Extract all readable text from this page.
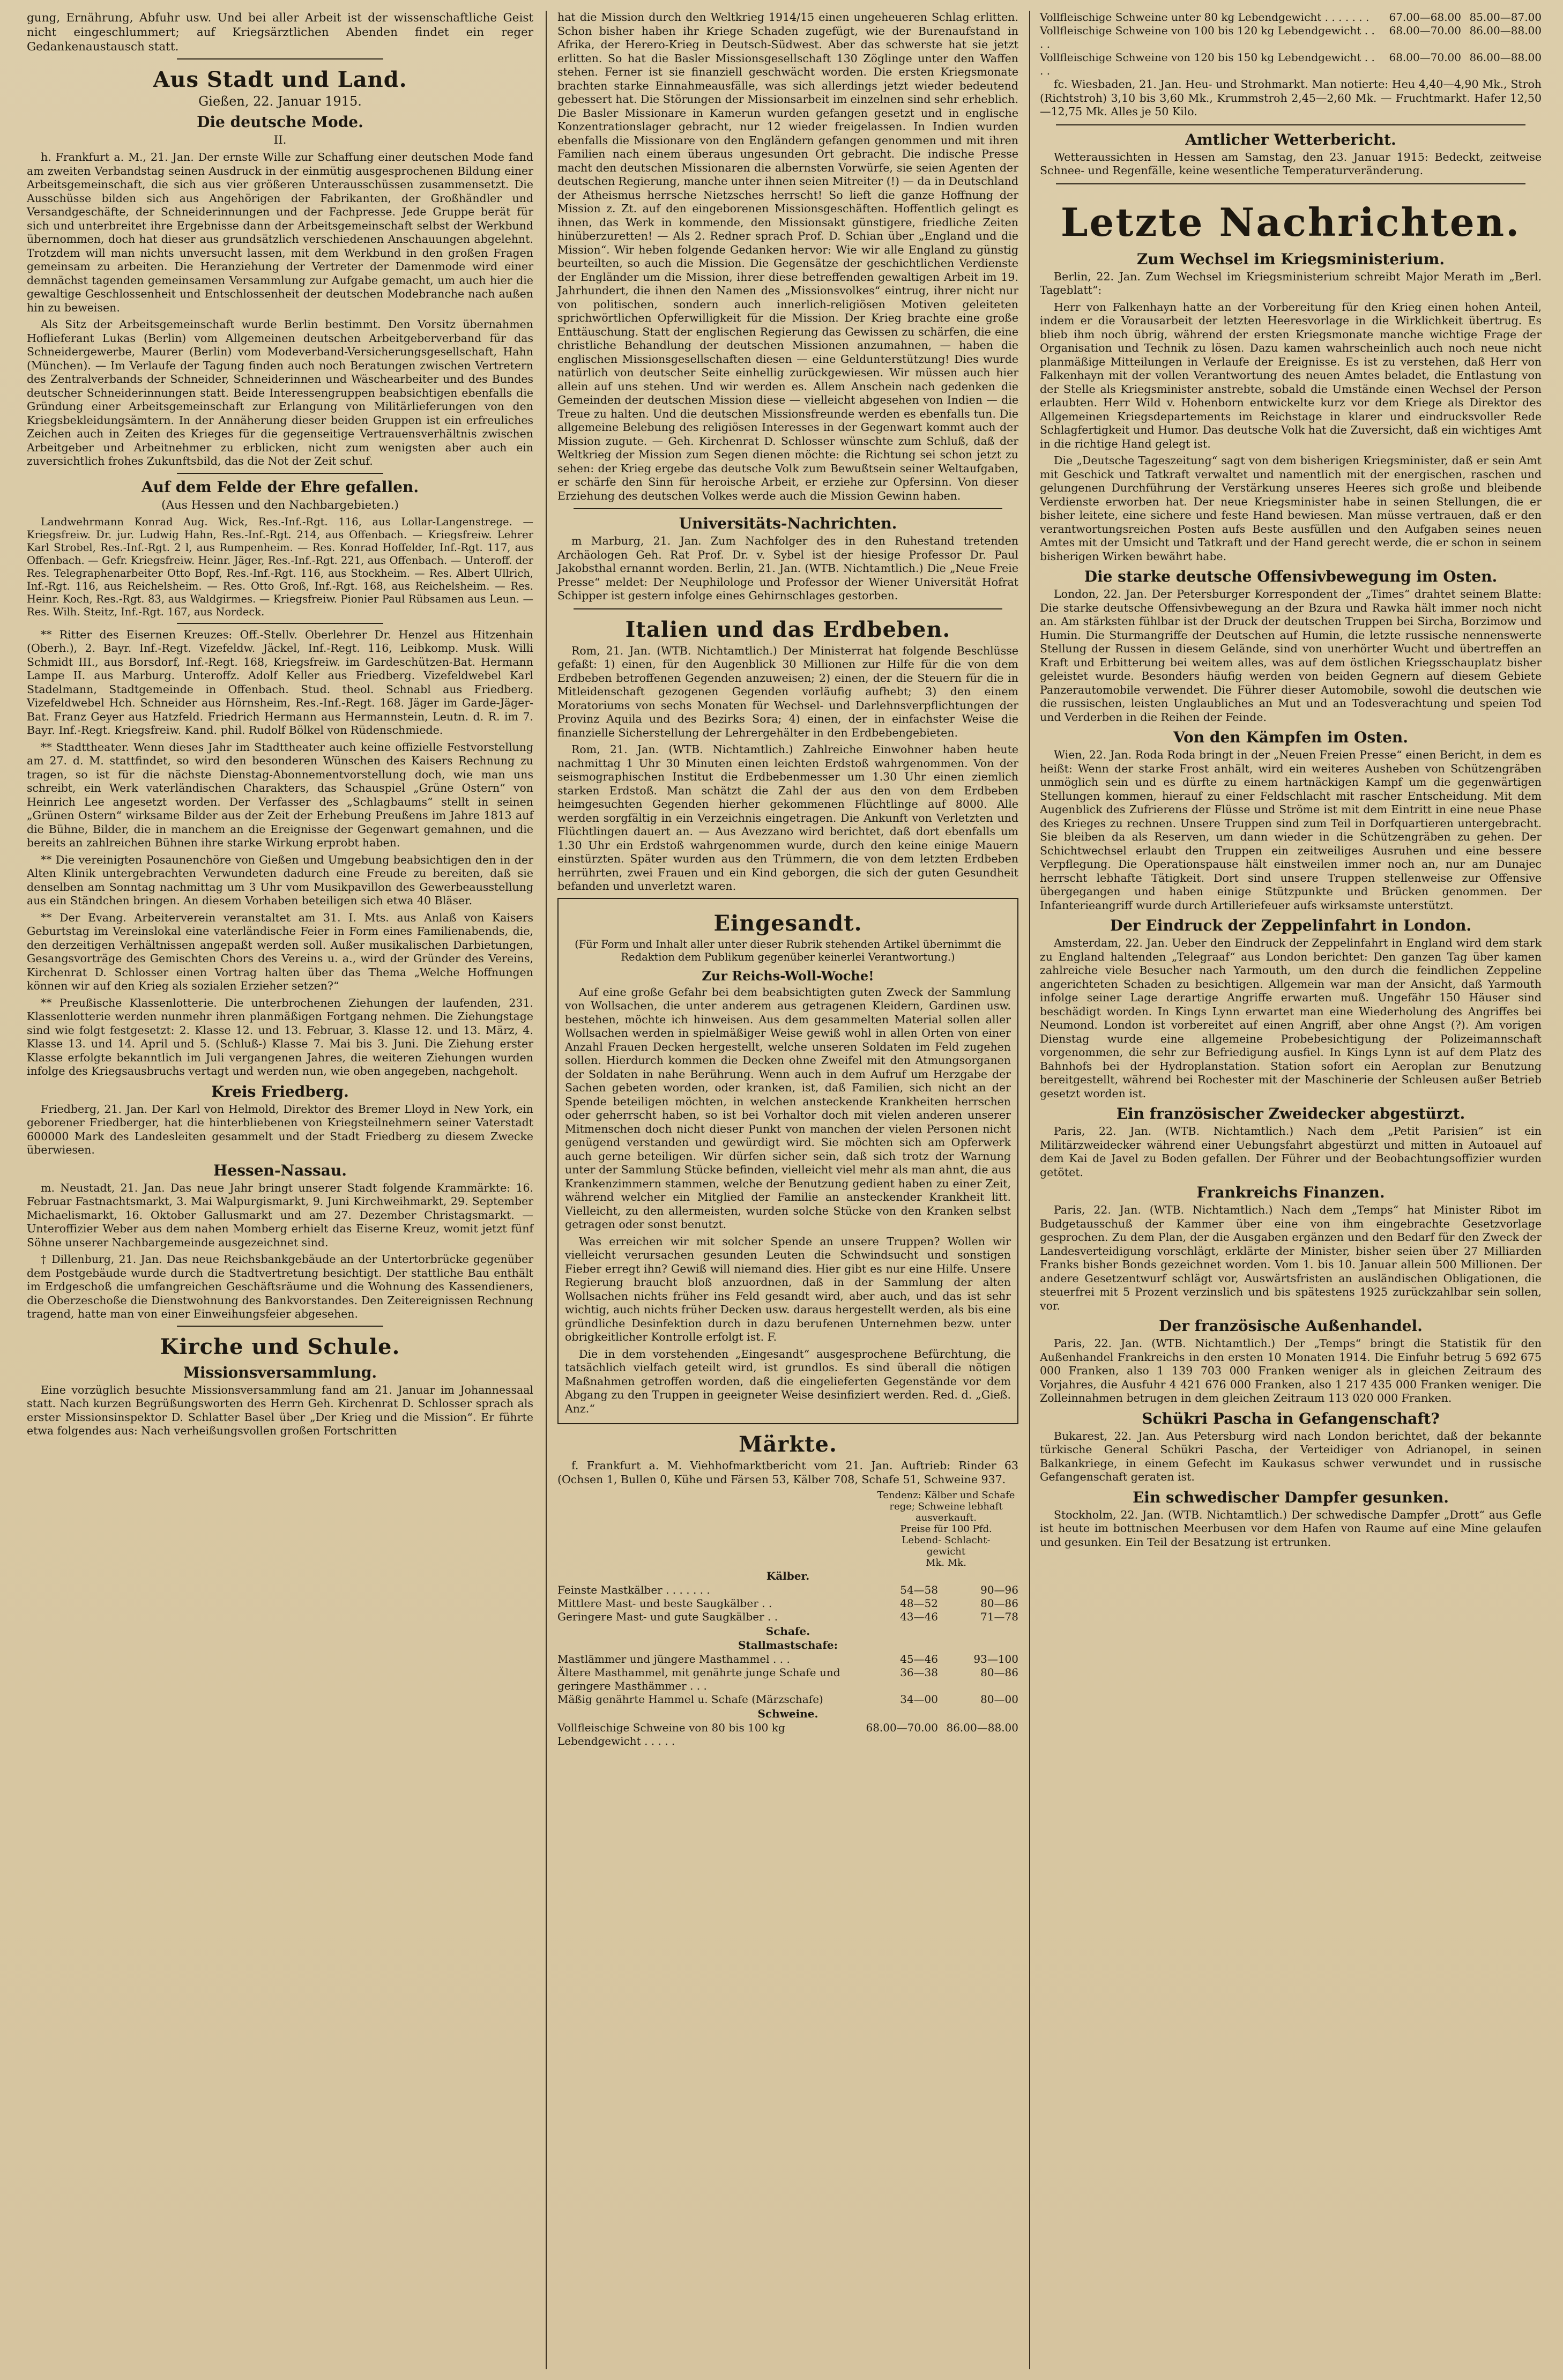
gung, Ernährung, Abfuhr usw. Und bei aller Arbeit ist der wissenschaftliche Geist nicht eingeschlummert; auf Kriegsärztlichen Abenden findet ein reger Gedankenaustausch statt.

Aus Stadt und Land.

Gießen, 22. Januar 1915.

Die deutsche Mode.

II.

h. Frankfurt a. M., 21. Jan. Der ernste Wille zur Schaffung einer deutschen Mode fand am zweiten Verbandstag seinen Ausdruck in der einmütig ausgesprochenen Bildung einer Arbeitsgemeinschaft, die sich aus vier größeren Unterausschüssen zusammensetzt. Die Ausschüsse bilden sich aus Angehörigen der Fabrikanten, der Großhändler und Versandgeschäfte, der Schneiderinnungen und der Fachpresse. Jede Gruppe berät für sich und unterbreitet ihre Ergebnisse dann der Arbeitsgemeinschaft selbst der Werkbund übernommen, doch hat dieser aus grundsätzlich verschiedenen Anschauungen abgelehnt. Trotzdem will man nichts unversucht lassen, mit dem Werkbund in den großen Fragen gemeinsam zu arbeiten. Die Heranziehung der Vertreter der Damenmode wird einer demnächst tagenden gemeinsamen Versammlung zur Aufgabe gemacht, um auch hier die gewaltige Geschlossenheit und Entschlossenheit der deutschen Modebranche nach außen hin zu beweisen.

Als Sitz der Arbeitsgemeinschaft wurde Berlin bestimmt. Den Vorsitz übernahmen Hoflieferant Lukas (Berlin) vom Allgemeinen deutschen Arbeitgeberverband für das Schneidergewerbe, Maurer (Berlin) vom Modeverband-Versicherungsgesellschaft, Hahn (München). — Im Verlaufe der Tagung finden auch noch Beratungen zwischen Vertretern des Zentralverbands der Schneider, Schneiderinnen und Wäschearbeiter und des Bundes deutscher Schneiderinnungen statt. Beide Interessengruppen beabsichtigen ebenfalls die Gründung einer Arbeitsgemeinschaft zur Erlangung von Militärlieferungen von den Kriegsbekleidungsämtern. In der Annäherung dieser beiden Gruppen ist ein erfreuliches Zeichen auch in Zeiten des Krieges für die gegenseitige Vertrauensverhältnis zwischen Arbeitgeber und Arbeitnehmer zu erblicken, nicht zum wenigsten aber auch ein zuversichtlich frohes Zukunftsbild, das die Not der Zeit schuf.

Auf dem Felde der Ehre gefallen.

(Aus Hessen und den Nachbargebieten.)

Landwehrmann Konrad Aug. Wick, Res.-Inf.-Rgt. 116, aus Lollar-Langenstrege. — Kriegsfreiw. Dr. jur. Ludwig Hahn, Res.-Inf.-Rgt. 214, aus Offenbach. — Kriegsfreiw. Lehrer Karl Strobel, Res.-Inf.-Rgt. 2 l, aus Rumpenheim. — Res. Konrad Hoffelder, Inf.-Rgt. 117, aus Offenbach. — Gefr. Kriegsfreiw. Heinr. Jäger, Res.-Inf.-Rgt. 221, aus Offenbach. — Unteroff. der Res. Telegraphenarbeiter Otto Bopf, Res.-Inf.-Rgt. 116, aus Stockheim. — Res. Albert Ullrich, Inf.-Rgt. 116, aus Reichelsheim. — Res. Otto Groß, Inf.-Rgt. 168, aus Reichelsheim. — Res. Heinr. Koch, Res.-Rgt. 83, aus Waldgirmes. — Kriegsfreiw. Pionier Paul Rübsamen aus Leun. — Res. Wilh. Steitz, Inf.-Rgt. 167, aus Nordeck.

** Ritter des Eisernen Kreuzes: Off.-Stellv. Oberlehrer Dr. Henzel aus Hitzenhain (Oberh.), 2. Bayr. Inf.-Regt. Vizefeldw. Jäckel, Inf.-Regt. 116, Leibkomp. Musk. Willi Schmidt III., aus Borsdorf, Inf.-Regt. 168, Kriegsfreiw. im Gardeschützen-Bat. Hermann Lampe II. aus Marburg. Unteroffz. Adolf Keller aus Friedberg. Vizefeldwebel Karl Stadelmann, Stadtgemeinde in Offenbach. Stud. theol. Schnabl aus Friedberg. Vizefeldwebel Hch. Schneider aus Hörnsheim, Res.-Inf.-Regt. 168. Jäger im Garde-Jäger-Bat. Franz Geyer aus Hatzfeld. Friedrich Hermann aus Hermannstein, Leutn. d. R. im 7. Bayr. Inf.-Regt. Kriegsfreiw. Kand. phil. Rudolf Bölkel von Rüdenschmiede.

** Stadttheater. Wenn dieses Jahr im Stadttheater auch keine offizielle Festvorstellung am 27. d. M. stattfindet, so wird den besonderen Wünschen des Kaisers Rechnung zu tragen, so ist für die nächste Dienstag-Abonnementvorstellung doch, wie man uns schreibt, ein Werk vaterländischen Charakters, das Schauspiel „Grüne Ostern“ von Heinrich Lee angesetzt worden. Der Verfasser des „Schlagbaums“ stellt in seinen „Grünen Ostern“ wirksame Bilder aus der Zeit der Erhebung Preußens im Jahre 1813 auf die Bühne, Bilder, die in manchem an die Ereignisse der Gegenwart gemahnen, und die bereits an zahlreichen Bühnen ihre starke Wirkung erprobt haben.

** Die vereinigten Posaunenchöre von Gießen und Umgebung beabsichtigen den in der Alten Klinik untergebrachten Verwundeten dadurch eine Freude zu bereiten, daß sie denselben am Sonntag nachmittag um 3 Uhr vom Musikpavillon des Gewerbeausstellung aus ein Ständchen bringen. An diesem Vorhaben beteiligen sich etwa 40 Bläser.

** Der Evang. Arbeiterverein veranstaltet am 31. I. Mts. aus Anlaß von Kaisers Geburtstag im Vereinslokal eine vaterländische Feier in Form eines Familienabends, die, den derzeitigen Verhältnissen angepaßt werden soll. Außer musikalischen Darbietungen, Gesangsvorträge des Gemischten Chors des Vereins u. a., wird der Gründer des Vereins, Kirchenrat D. Schlosser einen Vortrag halten über das Thema „Welche Hoffnungen können wir auf den Krieg als sozialen Erzieher setzen?“

** Preußische Klassenlotterie. Die unterbrochenen Ziehungen der laufenden, 231. Klassenlotterie werden nunmehr ihren planmäßigen Fortgang nehmen. Die Ziehungstage sind wie folgt festgesetzt: 2. Klasse 12. und 13. Februar, 3. Klasse 12. und 13. März, 4. Klasse 13. und 14. April und 5. (Schluß-) Klasse 7. Mai bis 3. Juni. Die Ziehung erster Klasse erfolgte bekanntlich im Juli vergangenen Jahres, die weiteren Ziehungen wurden infolge des Kriegsausbruchs vertagt und werden nun, wie oben angegeben, nachgeholt.

Kreis Friedberg.

Friedberg, 21. Jan. Der Karl von Helmold, Direktor des Bremer Lloyd in New York, ein geborener Friedberger, hat die hinterbliebenen von Kriegsteilnehmern seiner Vaterstadt 600000 Mark des Landesleiten gesammelt und der Stadt Friedberg zu diesem Zwecke überwiesen.

Hessen-Nassau.

m. Neustadt, 21. Jan. Das neue Jahr bringt unserer Stadt folgende Krammärkte: 16. Februar Fastnachtsmarkt, 3. Mai Walpurgismarkt, 9. Juni Kirchweihmarkt, 29. September Michaelismarkt, 16. Oktober Gallusmarkt und am 27. Dezember Christagsmarkt. — Unteroffizier Weber aus dem nahen Momberg erhielt das Eiserne Kreuz, womit jetzt fünf Söhne unserer Nachbargemeinde ausgezeichnet sind.

† Dillenburg, 21. Jan. Das neue Reichsbankgebäude an der Untertorbrücke gegenüber dem Postgebäude wurde durch die Stadtvertretung besichtigt. Der stattliche Bau enthält im Erdgeschoß die umfangreichen Geschäftsräume und die Wohnung des Kassendieners, die Oberzeschoße die Dienstwohnung des Bankvorstandes. Den Zeitereignissen Rechnung tragend, hatte man von einer Einweihungsfeier abgesehen.

Kirche und Schule.
Missionsversammlung.

Eine vorzüglich besuchte Missionsversammlung fand am 21. Januar im Johannessaal statt. Nach kurzen Begrüßungsworten des Herrn Geh. Kirchenrat D. Schlosser sprach als erster Missionsinspektor D. Schlatter Basel über „Der Krieg und die Mission“. Er führte etwa folgendes aus: Nach verheißungsvollen großen Fortschritten

hat die Mission durch den Weltkrieg 1914/15 einen ungeheueren Schlag erlitten. Schon bisher haben ihr Kriege Schaden zugefügt, wie der Burenaufstand in Afrika, der Herero-Krieg in Deutsch-Südwest. Aber das schwerste hat sie jetzt erlitten. So hat die Basler Missionsgesellschaft 130 Zöglinge unter den Waffen stehen. Ferner ist sie finanziell geschwächt worden. Die ersten Kriegsmonate brachten starke Einnahmeausfälle, was sich allerdings jetzt wieder bedeutend gebessert hat. Die Störungen der Missionsarbeit im einzelnen sind sehr erheblich. Die Basler Missionare in Kamerun wurden gefangen gesetzt und in englische Konzentrationslager gebracht, nur 12 wieder freigelassen. In Indien wurden ebenfalls die Missionare von den Engländern gefangen genommen und mit ihren Familien nach einem überaus ungesunden Ort gebracht. Die indische Presse macht den deutschen Missionaren die albernsten Vorwürfe, sie seien Agenten der deutschen Regierung, manche unter ihnen seien Mitreiter (!) — da in Deutschland der Atheismus herrsche Nietzsches herrscht! So lieft die ganze Hoffnung der Mission z. Zt. auf den eingeborenen Missionsgeschäften. Hoffentlich gelingt es ihnen, das Werk in kommende, den Missionsakt günstigere, friedliche Zeiten hinüberzuretten! — Als 2. Redner sprach Prof. D. Schian über „England und die Mission“. Wir heben folgende Gedanken hervor: Wie wir alle England zu günstig beurteilten, so auch die Mission. Die Gegensätze der geschichtlichen Verdienste der Engländer um die Mission, ihrer diese betreffenden gewaltigen Arbeit im 19. Jahrhundert, die ihnen den Namen des „Missionsvolkes“ eintrug, ihrer nicht nur von politischen, sondern auch innerlich-religiösen Motiven geleiteten sprichwörtlichen Opferwilligkeit für die Mission. Der Krieg brachte eine große Enttäuschung. Statt der englischen Regierung das Gewissen zu schärfen, die eine christliche Behandlung der deutschen Missionen anzumahnen, — haben die englischen Missionsgesellschaften diesen — eine Geldunterstützung! Dies wurde natürlich von deutscher Seite einhellig zurückgewiesen. Wir müssen auch hier allein auf uns stehen. Und wir werden es. Allem Anschein nach gedenken die Gemeinden der deutschen Mission diese — vielleicht abgesehen von Indien — die Treue zu halten. Und die deutschen Missionsfreunde werden es ebenfalls tun. Die allgemeine Belebung des religiösen Interesses in der Gegenwart kommt auch der Mission zugute. — Geh. Kirchenrat D. Schlosser wünschte zum Schluß, daß der Weltkrieg der Mission zum Segen dienen möchte: die Richtung sei schon jetzt zu sehen: der Krieg ergebe das deutsche Volk zum Bewußtsein seiner Weltaufgaben, er schärfe den Sinn für heroische Arbeit, er erziehe zur Opfersinn. Von dieser Erziehung des deutschen Volkes werde auch die Mission Gewinn haben.

Universitäts-Nachrichten.

m Marburg, 21. Jan. Zum Nachfolger des in den Ruhestand tretenden Archäologen Geh. Rat Prof. Dr. v. Sybel ist der hiesige Professor Dr. Paul Jakobsthal ernannt worden. Berlin, 21. Jan. (WTB. Nichtamtlich.) Die „Neue Freie Presse“ meldet: Der Neuphilologe und Professor der Wiener Universität Hofrat Schipper ist gestern infolge eines Gehirnschlages gestorben.

Italien und das Erdbeben.

Rom, 21. Jan. (WTB. Nichtamtlich.) Der Ministerrat hat folgende Beschlüsse gefaßt: 1) einen, für den Augenblick 30 Millionen zur Hilfe für die von dem Erdbeben betroffenen Gegenden anzuweisen; 2) einen, der die Steuern für die in Mitleidenschaft gezogenen Gegenden vorläufig aufhebt; 3) den einem Moratoriums von sechs Monaten für Wechsel- und Darlehnsverpflichtungen der Provinz Aquila und des Bezirks Sora; 4) einen, der in einfachster Weise die finanzielle Sicherstellung der Lehrergehälter in den Erdbebengebieten.

Rom, 21. Jan. (WTB. Nichtamtlich.) Zahlreiche Einwohner haben heute nachmittag 1 Uhr 30 Minuten einen leichten Erdstoß wahrgenommen. Von der seismographischen Institut die Erdbebenmesser um 1.30 Uhr einen ziemlich starken Erdstoß. Man schätzt die Zahl der aus den von dem Erdbeben heimgesuchten Gegenden hierher gekommenen Flüchtlinge auf 8000. Alle werden sorgfältig in ein Verzeichnis eingetragen. Die Ankunft von Verletzten und Flüchtlingen dauert an. — Aus Avezzano wird berichtet, daß dort ebenfalls um 1.30 Uhr ein Erdstoß wahrgenommen wurde, durch den keine einige Mauern einstürzten. Später wurden aus den Trümmern, die von dem letzten Erdbeben herrührten, zwei Frauen und ein Kind geborgen, die sich der guten Gesundheit befanden und unverletzt waren.

Eingesandt.

(Für Form und Inhalt aller unter dieser Rubrik stehenden Artikel übernimmt die Redaktion dem Publikum gegenüber keinerlei Verantwortung.)

Zur Reichs-Woll-Woche!

Auf eine große Gefahr bei dem beabsichtigten guten Zweck der Sammlung von Wollsachen, die unter anderem aus getragenen Kleidern, Gardinen usw. bestehen, möchte ich hinweisen. Aus dem gesammelten Material sollen aller Wollsachen werden in spielmäßiger Weise gewiß wohl in allen Orten von einer Anzahl Frauen Decken hergestellt, welche unseren Soldaten im Feld zugehen sollen. Hierdurch kommen die Decken ohne Zweifel mit den Atmungsorganen der Soldaten in nahe Berührung. Wenn auch in dem Aufruf um Herzgabe der Sachen gebeten worden, oder kranken, ist, daß Familien, sich nicht an der Spende beteiligen möchten, in welchen ansteckende Krankheiten herrschen oder geherrscht haben, so ist bei Vorhaltor doch mit vielen anderen unserer Mitmenschen doch nicht dieser Punkt von manchen der vielen Personen nicht genügend verstanden und gewürdigt wird. Sie möchten sich am Opferwerk auch gerne beteiligen. Wir dürfen sicher sein, daß sich trotz der Warnung unter der Sammlung Stücke befinden, vielleicht viel mehr als man ahnt, die aus Krankenzimmern stammen, welche der Benutzung gedient haben zu einer Zeit, während welcher ein Mitglied der Familie an ansteckender Krankheit litt. Vielleicht, zu den allermeisten, wurden solche Stücke von den Kranken selbst getragen oder sonst benutzt.

Was erreichen wir mit solcher Spende an unsere Truppen? Wollen wir vielleicht verursachen gesunden Leuten die Schwindsucht und sonstigen Fieber erregt ihn? Gewiß will niemand dies. Hier gibt es nur eine Hilfe. Unsere Regierung braucht bloß anzuordnen, daß in der Sammlung der alten Wollsachen nichts früher ins Feld gesandt wird, aber auch, und das ist sehr wichtig, auch nichts früher Decken usw. daraus hergestellt werden, als bis eine gründliche Desinfektion durch in dazu berufenen Unternehmen bezw. unter obrigkeitlicher Kontrolle erfolgt ist. F.

Die in dem vorstehenden „Eingesandt“ ausgesprochene Befürchtung, die tatsächlich vielfach geteilt wird, ist grundlos. Es sind überall die nötigen Maßnahmen getroffen worden, daß die eingelieferten Gegenstände vor dem Abgang zu den Truppen in geeigneter Weise desinfiziert werden. Red. d. „Gieß. Anz.“

Märkte.

f. Frankfurt a. M. Viehhofmarktbericht vom 21. Jan. Auftrieb: Rinder 63 (Ochsen 1, Bullen 0, Kühe und Färsen 53, Kälber 708, Schafe 51, Schweine 937.

Tendenz: Kälber und Schafe rege; Schweine lebhaft ausverkauft.
Preise für 100 Pfd.
Lebend- Schlacht-
gewicht
Mk. Mk.
Kälber.
Feinste Mastkälber . . . . . . .	54—58	90—96
Mittlere Mast- und beste Saugkälber . .	48—52	80—86
Geringere Mast- und gute Saugkälber . .	43—46	71—78
Schafe.
Stallmastschafe:
Mastlämmer und jüngere Masthammel . . .	45—46	93—100
Ältere Masthammel, mit genährte junge Schafe und geringere Masthämmer . . .
36—38	80—86
Mäßig genährte Hammel u. Schafe (Märzschafe)	34—00	80—00
Schweine.
Vollfleischige Schweine von 80 bis 100 kg Lebendgewicht . . . . .
68.00—70.00 86.00—88.00
Vollfleischige Schweine unter 80 kg Lebendgewicht . . . . . . .	67.00—68.00 85.00—87.00
Vollfleischige Schweine von 100 bis 120 kg Lebendgewicht . . . .
68.00—70.00 86.00—88.00
Vollfleischige Schweine von 120 bis 150 kg Lebendgewicht . . . .
68.00—70.00 86.00—88.00

fc. Wiesbaden, 21. Jan. Heu- und Strohmarkt. Man notierte: Heu 4,40—4,90 Mk., Stroh (Richtstroh) 3,10 bis 3,60 Mk., Krummstroh 2,45—2,60 Mk. — Fruchtmarkt. Hafer 12,50—12,75 Mk. Alles je 50 Kilo.

Amtlicher Wetterbericht.

Wetteraussichten in Hessen am Samstag, den 23. Januar 1915: Bedeckt, zeitweise Schnee- und Regenfälle, keine wesentliche Temperaturveränderung.

Letzte Nachrichten.
Zum Wechsel im Kriegsministerium.

Berlin, 22. Jan. Zum Wechsel im Kriegsministerium schreibt Major Merath im „Berl. Tageblatt“:

Herr von Falkenhayn hatte an der Vorbereitung für den Krieg einen hohen Anteil, indem er die Vorausarbeit der letzten Heeresvorlage in die Wirklichkeit übertrug. Es blieb ihm noch übrig, während der ersten Kriegsmonate manche wichtige Frage der Organisation und Technik zu lösen. Dazu kamen wahrscheinlich auch noch neue nicht planmäßige Mitteilungen in Verlaufe der Ereignisse. Es ist zu verstehen, daß Herr von Falkenhayn mit der vollen Verantwortung des neuen Amtes beladet, die Entlastung von der Stelle als Kriegsminister anstrebte, sobald die Umstände einen Wechsel der Person erlaubten. Herr Wild v. Hohenborn entwickelte kurz vor dem Kriege als Direktor des Allgemeinen Kriegsdepartements im Reichstage in klarer und eindrucksvoller Rede Schlagfertigkeit und Humor. Das deutsche Volk hat die Zuversicht, daß ein wichtiges Amt in die richtige Hand gelegt ist.

Die „Deutsche Tageszeitung“ sagt von dem bisherigen Kriegsminister, daß er sein Amt mit Geschick und Tatkraft verwaltet und namentlich mit der energischen, raschen und gelungenen Durchführung der Verstärkung unseres Heeres sich große und bleibende Verdienste erworben hat. Der neue Kriegsminister habe in seinen Stellungen, die er bisher leitete, eine sichere und feste Hand bewiesen. Man müsse vertrauen, daß er den verantwortungsreichen Posten aufs Beste ausfüllen und den Aufgaben seines neuen Amtes mit der Umsicht und Tatkraft und der Hand gerecht werde, die er schon in seinem bisherigen Wirken bewährt habe.

Die starke deutsche Offensivbewegung im Osten.

London, 22. Jan. Der Petersburger Korrespondent der „Times“ drahtet seinem Blatte: Die starke deutsche Offensivbewegung an der Bzura und Rawka hält immer noch nicht an. Am stärksten fühlbar ist der Druck der deutschen Truppen bei Sircha, Borzimow und Humin. Die Sturmangriffe der Deutschen auf Humin, die letzte russische nennenswerte Stellung der Russen in diesem Gelände, sind von unerhörter Wucht und übertreffen an Kraft und Erbitterung bei weitem alles, was auf dem östlichen Kriegsschauplatz bisher geleistet wurde. Besonders häufig werden von beiden Gegnern auf diesem Gebiete Panzerautomobile verwendet. Die Führer dieser Automobile, sowohl die deutschen wie die russischen, leisten Unglaubliches an Mut und an Todesverachtung und speien Tod und Verderben in die Reihen der Feinde.

Von den Kämpfen im Osten.

Wien, 22. Jan. Roda Roda bringt in der „Neuen Freien Presse“ einen Bericht, in dem es heißt: Wenn der starke Frost anhält, wird ein weiteres Ausheben von Schützengräben unmöglich sein und es dürfte zu einem hartnäckigen Kampf um die gegenwärtigen Stellungen kommen, hierauf zu einer Feldschlacht mit rascher Entscheidung. Mit dem Augenblick des Zufrierens der Flüsse und Ströme ist mit dem Eintritt in eine neue Phase des Krieges zu rechnen. Unsere Truppen sind zum Teil in Dorfquartieren untergebracht. Sie bleiben da als Reserven, um dann wieder in die Schützengräben zu gehen. Der Schichtwechsel erlaubt den Truppen ein zeitweiliges Ausruhen und eine bessere Verpflegung. Die Operationspause hält einstweilen immer noch an, nur am Dunajec herrscht lebhafte Tätigkeit. Dort sind unsere Truppen stellenweise zur Offensive übergegangen und haben einige Stützpunkte und Brücken genommen. Der Infanterieangriff wurde durch Artilleriefeuer aufs wirksamste unterstützt.

Der Eindruck der Zeppelinfahrt in London.

Amsterdam, 22. Jan. Ueber den Eindruck der Zeppelinfahrt in England wird dem stark zu England haltenden „Telegraaf“ aus London berichtet: Den ganzen Tag über kamen zahlreiche viele Besucher nach Yarmouth, um den durch die feindlichen Zeppeline angerichteten Schaden zu besichtigen. Allgemein war man der Ansicht, daß Yarmouth infolge seiner Lage derartige Angriffe erwarten muß. Ungefähr 150 Häuser sind beschädigt worden. In Kings Lynn erwartet man eine Wiederholung des Angriffes bei Neumond. London ist vorbereitet auf einen Angriff, aber ohne Angst (?). Am vorigen Dienstag wurde eine allgemeine Probebesichtigung der Polizeimannschaft vorgenommen, die sehr zur Befriedigung ausfiel. In Kings Lynn ist auf dem Platz des Bahnhofs bei der Hydroplanstation. Station sofort ein Aeroplan zur Benutzung bereitgestellt, während bei Rochester mit der Maschinerie der Schleusen außer Betrieb gesetzt worden ist.

Ein französischer Zweidecker abgestürzt.

Paris, 22. Jan. (WTB. Nichtamtlich.) Nach dem „Petit Parisien“ ist ein Militärzweidecker während einer Uebungsfahrt abgestürzt und mitten in Autoauel auf dem Kai de Javel zu Boden gefallen. Der Führer und der Beobachtungsoffizier wurden getötet.

Frankreichs Finanzen.

Paris, 22. Jan. (WTB. Nichtamtlich.) Nach dem „Temps“ hat Minister Ribot im Budgetausschuß der Kammer über eine von ihm eingebrachte Gesetzvorlage gesprochen. Zu dem Plan, der die Ausgaben ergänzen und den Bedarf für den Zweck der Landesverteidigung vorschlägt, erklärte der Minister, bisher seien über 27 Milliarden Franks bisher Bonds gezeichnet worden. Vom 1. bis 10. Januar allein 500 Millionen. Der andere Gesetzentwurf schlägt vor, Auswärtsfristen an ausländischen Obligationen, die steuerfrei mit 5 Prozent verzinslich und bis spätestens 1925 zurückzahlbar sein sollen, vor.

Der französische Außenhandel.

Paris, 22. Jan. (WTB. Nichtamtlich.) Der „Temps“ bringt die Statistik für den Außenhandel Frankreichs in den ersten 10 Monaten 1914. Die Einfuhr betrug 5 692 675 000 Franken, also 1 139 703 000 Franken weniger als in gleichen Zeitraum des Vorjahres, die Ausfuhr 4 421 676 000 Franken, also 1 217 435 000 Franken weniger. Die Zolleinnahmen betrugen in dem gleichen Zeitraum 113 020 000 Franken.

Schükri Pascha in Gefangenschaft?

Bukarest, 22. Jan. Aus Petersburg wird nach London berichtet, daß der bekannte türkische General Schükri Pascha, der Verteidiger von Adrianopel, in seinen Balkankriege, in einem Gefecht im Kaukasus schwer verwundet und in russische Gefangenschaft geraten ist.

Ein schwedischer Dampfer gesunken.

Stockholm, 22. Jan. (WTB. Nichtamtlich.) Der schwedische Dampfer „Drott“ aus Gefle ist heute im bottnischen Meerbusen vor dem Hafen von Raume auf eine Mine gelaufen und gesunken. Ein Teil der Besatzung ist ertrunken.
